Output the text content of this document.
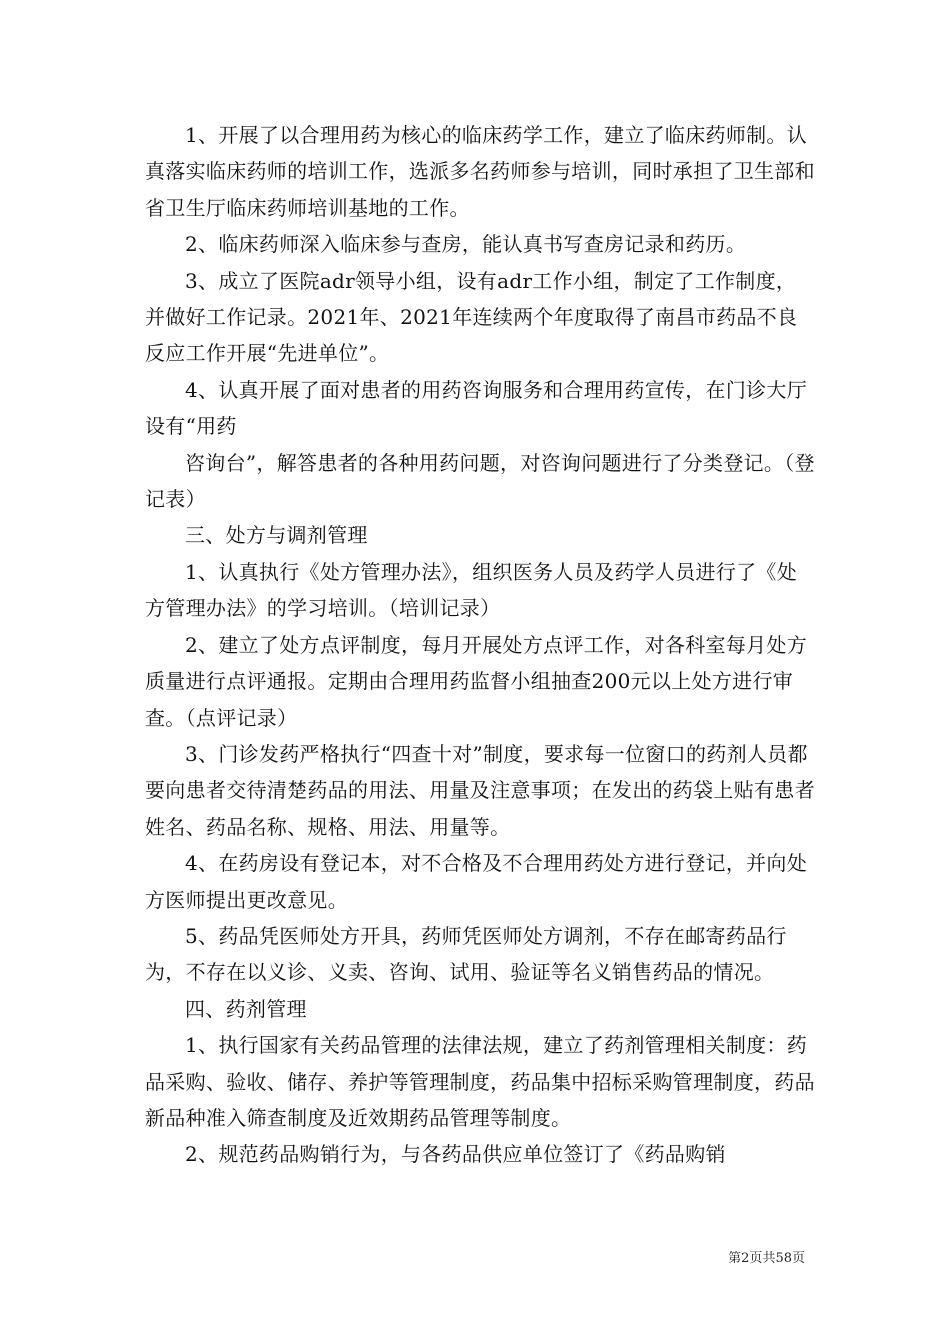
1、开展了以合理用药为核心的临床药学工作，建立了临床药师制。认真落实临床药师的培训工作，选派多名药师参与培训，同时承担了卫生部和省卫生厅临床药师培训基地的工作。

2、临床药师深入临床参与查房，能认真书写查房记录和药历。

3、成立了医院adr领导小组，设有adr工作小组，制定了工作制度，并做好工作记录。2021年、2021年连续两个年度取得了南昌市药品不良反应工作开展“先进单位”。

4、认真开展了面对患者的用药咨询服务和合理用药宣传，在门诊大厅设有“用药

咨询台”，解答患者的各种用药问题，对咨询问题进行了分类登记。（登记表）

三、处方与调剂管理

1、认真执行《处方管理办法》，组织医务人员及药学人员进行了《处方管理办法》的学习培训。（培训记录）

2、建立了处方点评制度，每月开展处方点评工作，对各科室每月处方质量进行点评通报。定期由合理用药监督小组抽查200元以上处方进行审查。（点评记录）

3、门诊发药严格执行“四查十对”制度，要求每一位窗口的药剂人员都要向患者交待清楚药品的用法、用量及注意事项；在发出的药袋上贴有患者姓名、药品名称、规格、用法、用量等。

4、在药房设有登记本，对不合格及不合理用药处方进行登记，并向处方医师提出更改意见。

5、药品凭医师处方开具，药师凭医师处方调剂，不存在邮寄药品行为，不存在以义诊、义卖、咨询、试用、验证等名义销售药品的情况。

四、药剂管理

1、执行国家有关药品管理的法律法规，建立了药剂管理相关制度：药品采购、验收、储存、养护等管理制度，药品集中招标采购管理制度，药品新品种准入筛查制度及近效期药品管理等制度。

2、规范药品购销行为，与各药品供应单位签订了《药品购销

第2页共58页
